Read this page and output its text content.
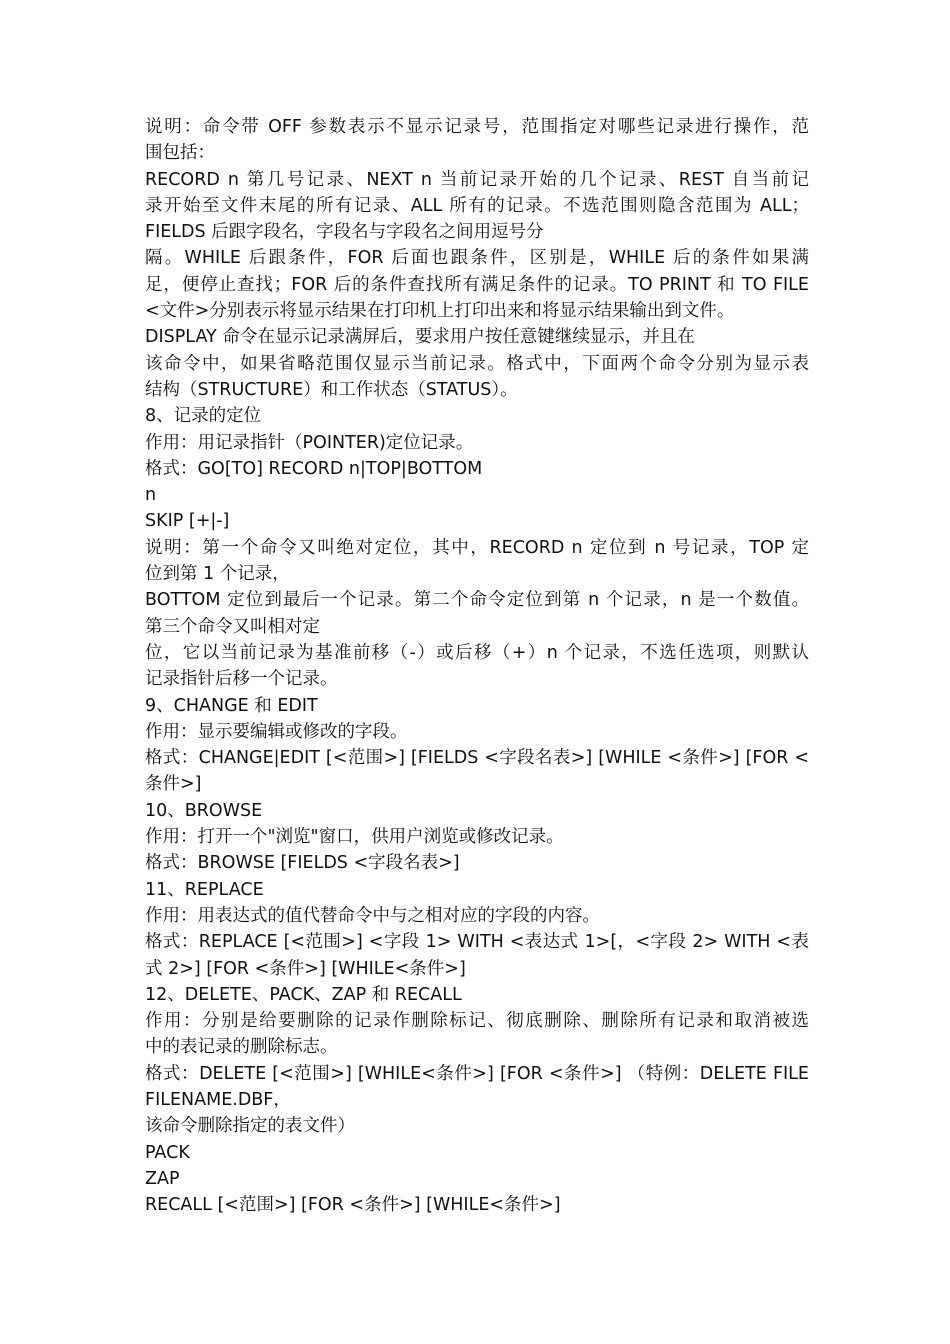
说明：命令带 OFF 参数表示不显示记录号，范围指定对哪些记录进行操作，范
围包括：
RECORD n 第几号记录、NEXT n 当前记录开始的几个记录、REST 自当前记
录开始至文件末尾的所有记录、ALL 所有的记录。不选范围则隐含范围为 ALL；
FIELDS 后跟字段名，字段名与字段名之间用逗号分
隔。WHILE 后跟条件，FOR 后面也跟条件，区别是，WHILE 后的条件如果满
足，便停止查找；FOR 后的条件查找所有满足条件的记录。TO PRINT 和 TO FILE
<文件>分别表示将显示结果在打印机上打印出来和将显示结果输出到文件。
DISPLAY 命令在显示记录满屏后，要求用户按任意键继续显示，并且在
该命令中，如果省略范围仅显示当前记录。格式中，下面两个命令分别为显示表
结构（STRUCTURE）和工作状态（STATUS）。
8、记录的定位
作用：用记录指针（POINTER)定位记录。
格式：GO[TO] RECORD n|TOP|BOTTOM
n
SKIP [+|-]
说明：第一个命令又叫绝对定位，其中，RECORD n 定位到 n 号记录，TOP 定
位到第 1 个记录，
BOTTOM 定位到最后一个记录。第二个命令定位到第 n 个记录，n 是一个数值。
第三个命令又叫相对定
位，它以当前记录为基准前移（-）或后移（+）n 个记录，不选任选项，则默认
记录指针后移一个记录。
9、CHANGE 和 EDIT
作用：显示要编辑或修改的字段。
格式：CHANGE|EDIT [<范围>] [FIELDS <字段名表>] [WHILE <条件>] [FOR <
条件>]
10、BROWSE
作用：打开一个"浏览"窗口，供用户浏览或修改记录。
格式：BROWSE [FIELDS <字段名表>]
11、REPLACE
作用：用表达式的值代替命令中与之相对应的字段的内容。
格式：REPLACE [<范围>] <字段 1> WITH <表达式 1>[，<字段 2> WITH <表
式 2>] [FOR <条件>] [WHILE<条件>]
12、DELETE、PACK、ZAP 和 RECALL
作用：分别是给要删除的记录作删除标记、彻底删除、删除所有记录和取消被选
中的表记录的删除标志。
格式：DELETE [<范围>] [WHILE<条件>] [FOR <条件>] （特例：DELETE FILE
FILENAME.DBF，
该命令删除指定的表文件）
PACK
ZAP
RECALL [<范围>] [FOR <条件>] [WHILE<条件>]
